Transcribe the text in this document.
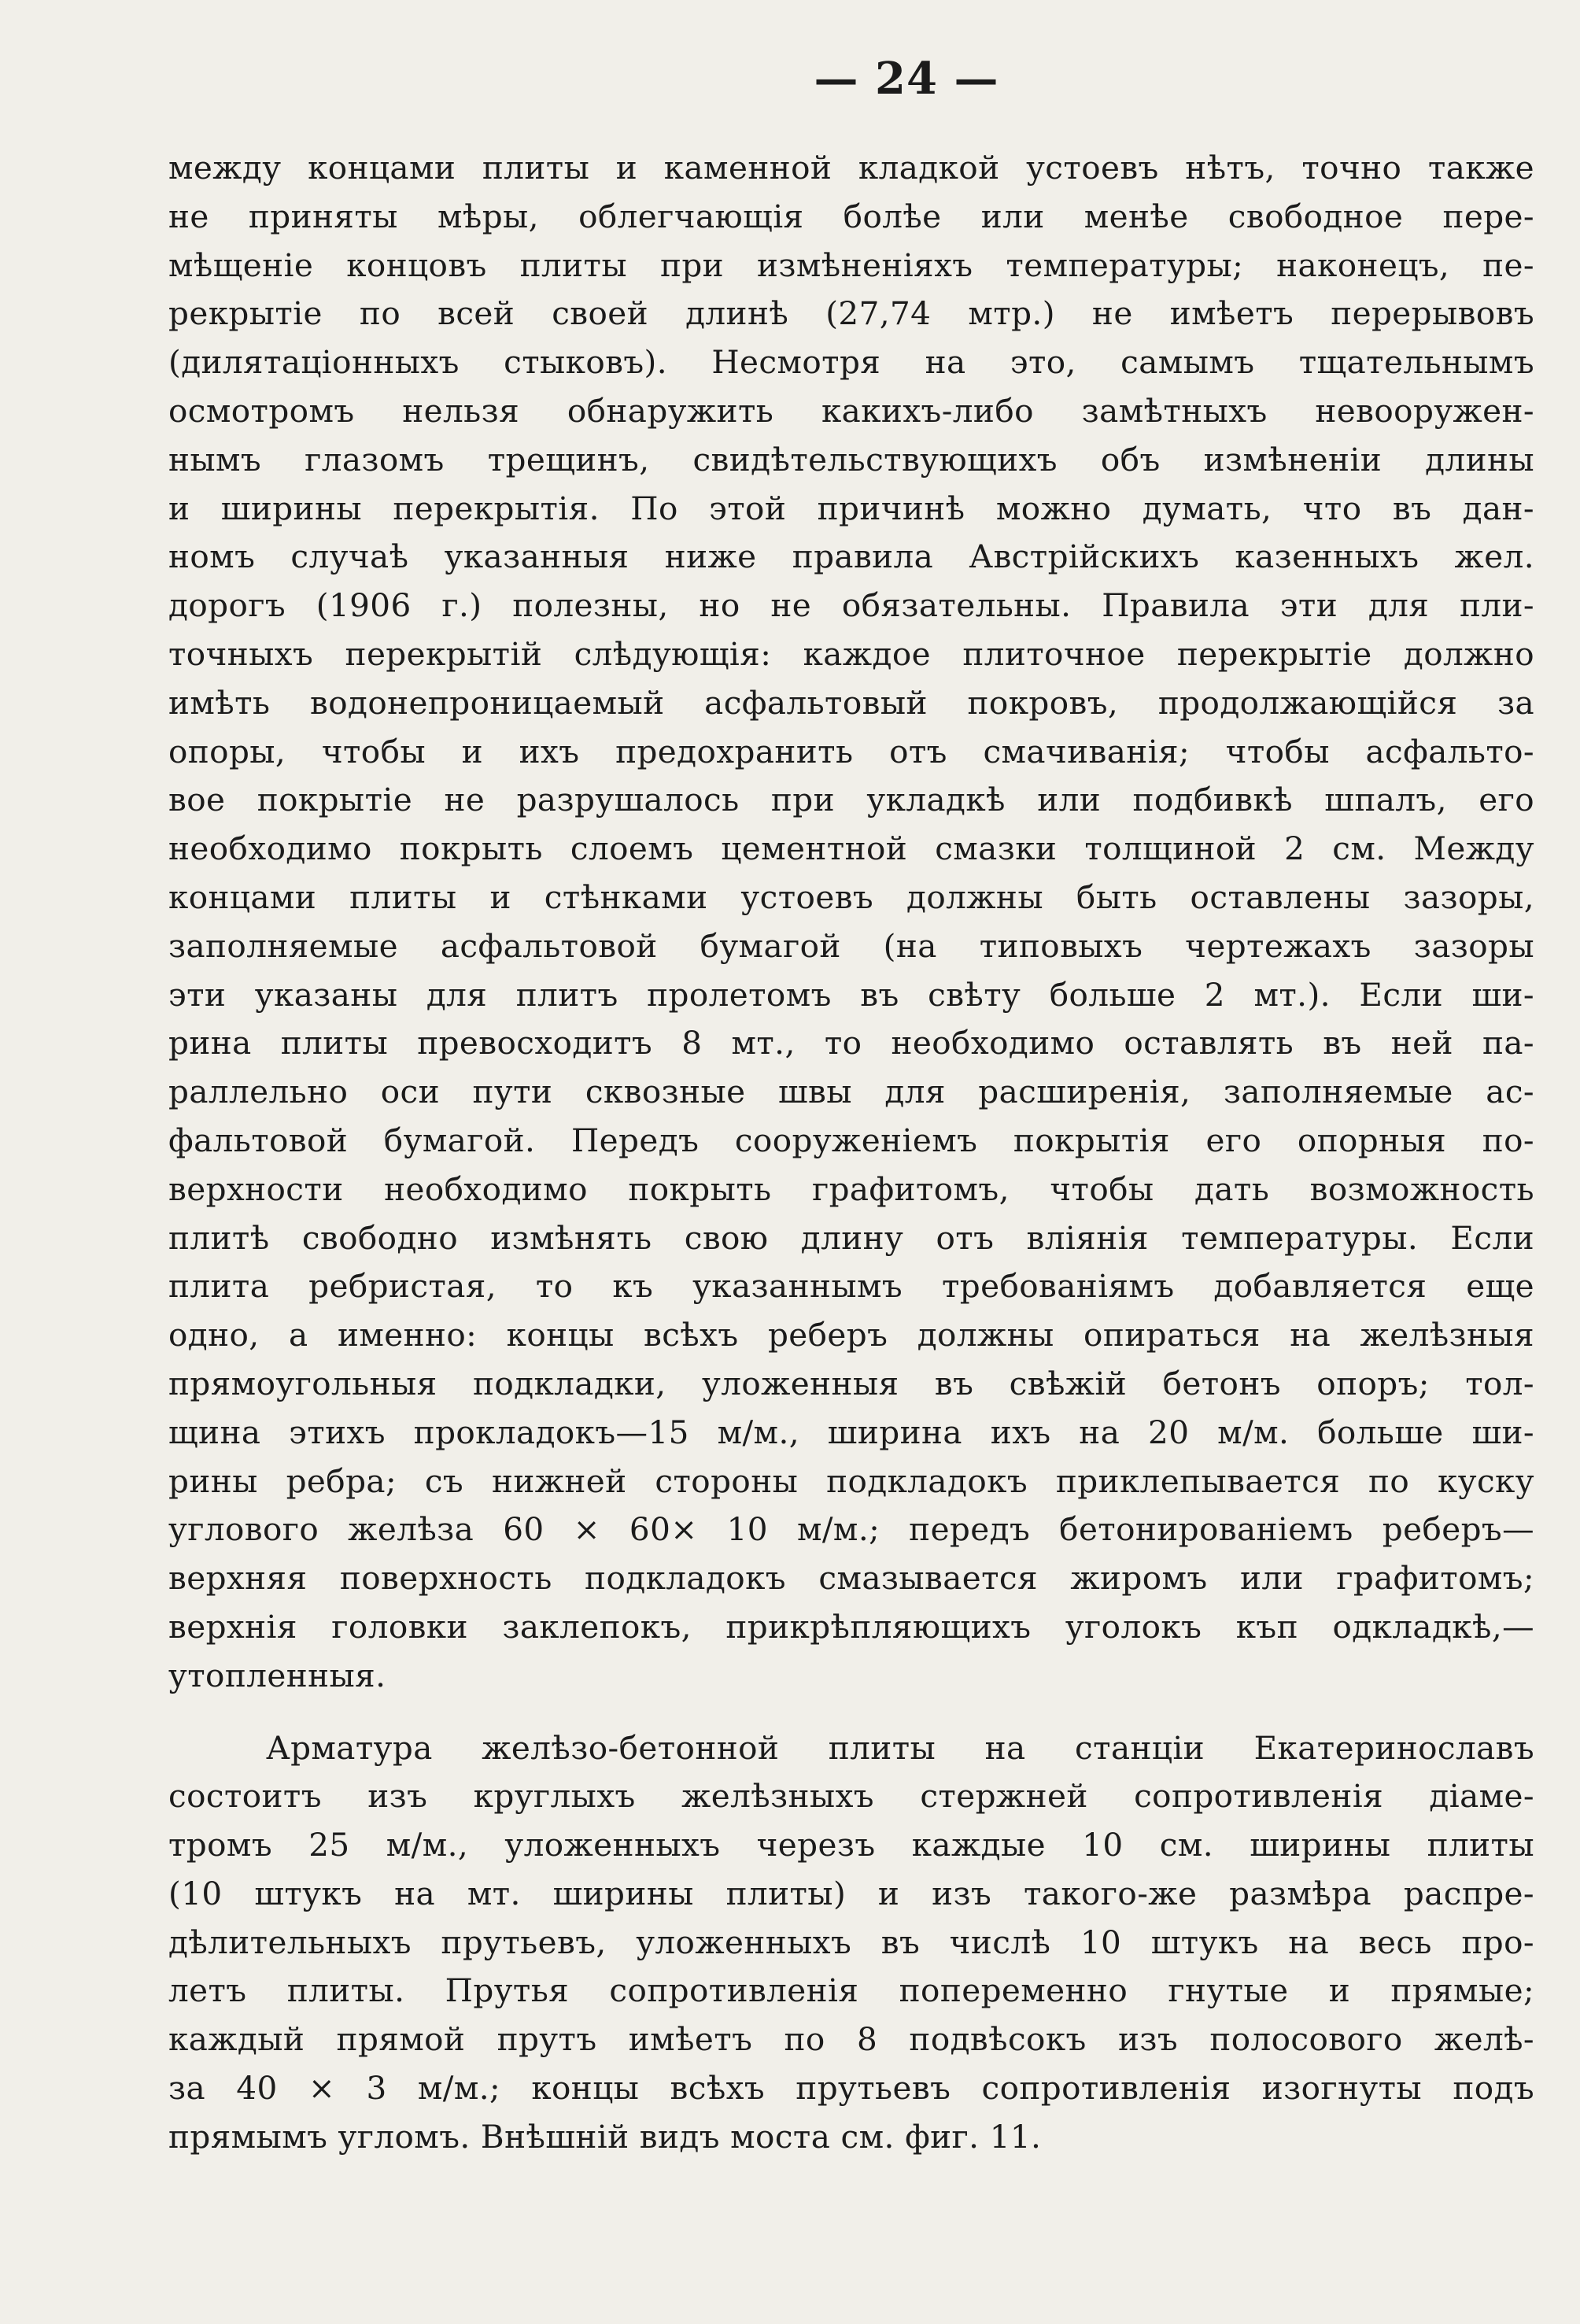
— 24 —
между концами плиты и каменной кладкой устоевъ нѣтъ, точно также
не приняты мѣры, облегчающія болѣе или менѣе свободное пере-
мѣщеніе концовъ плиты при измѣненіяхъ температуры; наконецъ, пе-
рекрытіе по всей своей длинѣ (27,74 мтр.) не имѣетъ перерывовъ
(дилятаціонныхъ стыковъ). Несмотря на это, самымъ тщательнымъ
осмотромъ нельзя обнаружить какихъ-либо замѣтныхъ невооружен-
нымъ глазомъ трещинъ, свидѣтельствующихъ объ измѣненіи длины
и ширины перекрытія. По этой причинѣ можно думать, что въ дан-
номъ случаѣ указанныя ниже правила Австрійскихъ казенныхъ жел.
дорогъ (1906 г.) полезны, но не обязательны. Правила эти для пли-
точныхъ перекрытій слѣдующія: каждое плиточное перекрытіе должно
имѣть водонепроницаемый асфальтовый покровъ, продолжающійся за
опоры, чтобы и ихъ предохранить отъ смачиванія; чтобы асфальто-
вое покрытіе не разрушалось при укладкѣ или подбивкѣ шпалъ, его
необходимо покрыть слоемъ цементной смазки толщиной 2 см. Между
концами плиты и стѣнками устоевъ должны быть оставлены зазоры,
заполняемые асфальтовой бумагой (на типовыхъ чертежахъ зазоры
эти указаны для плитъ пролетомъ въ свѣту больше 2 мт.). Если ши-
рина плиты превосходитъ 8 мт., то необходимо оставлять въ ней па-
раллельно оси пути сквозные швы для расширенія, заполняемые ас-
фальтовой бумагой. Передъ сооруженіемъ покрытія его опорныя по-
верхности необходимо покрыть графитомъ, чтобы дать возможность
плитѣ свободно измѣнять свою длину отъ вліянія температуры. Если
плита ребристая, то къ указаннымъ требованіямъ добавляется еще
одно, а именно: концы всѣхъ реберъ должны опираться на желѣзныя
прямоугольныя подкладки, уложенныя въ свѣжій бетонъ опоръ; тол-
щина этихъ прокладокъ—15 м/м., ширина ихъ на 20 м/м. больше ши-
рины ребра; съ нижней стороны подкладокъ приклепывается по куску
углового желѣза 60 × 60× 10 м/м.; передъ бетонированіемъ реберъ—
верхняя поверхность подкладокъ смазывается жиромъ или графитомъ;
верхнія головки заклепокъ, прикрѣпляющихъ уголокъ къп одкладкѣ,—
утопленныя.
Арматура желѣзо-бетонной плиты на станціи Екатеринославъ
состоитъ изъ круглыхъ желѣзныхъ стержней сопротивленія діаме-
тромъ 25 м/м., уложенныхъ черезъ каждые 10 см. ширины плиты
(10 штукъ на мт. ширины плиты) и изъ такого-же размѣра распре-
дѣлительныхъ прутьевъ, уложенныхъ въ числѣ 10 штукъ на весь про-
летъ плиты. Прутья сопротивленія попеременно гнутые и прямые;
каждый прямой прутъ имѣетъ по 8 подвѣсокъ изъ полосового желѣ-
за 40 × 3 м/м.; концы всѣхъ прутьевъ сопротивленія изогнуты подъ
прямымъ угломъ. Внѣшній видъ моста см. фиг. 11.
